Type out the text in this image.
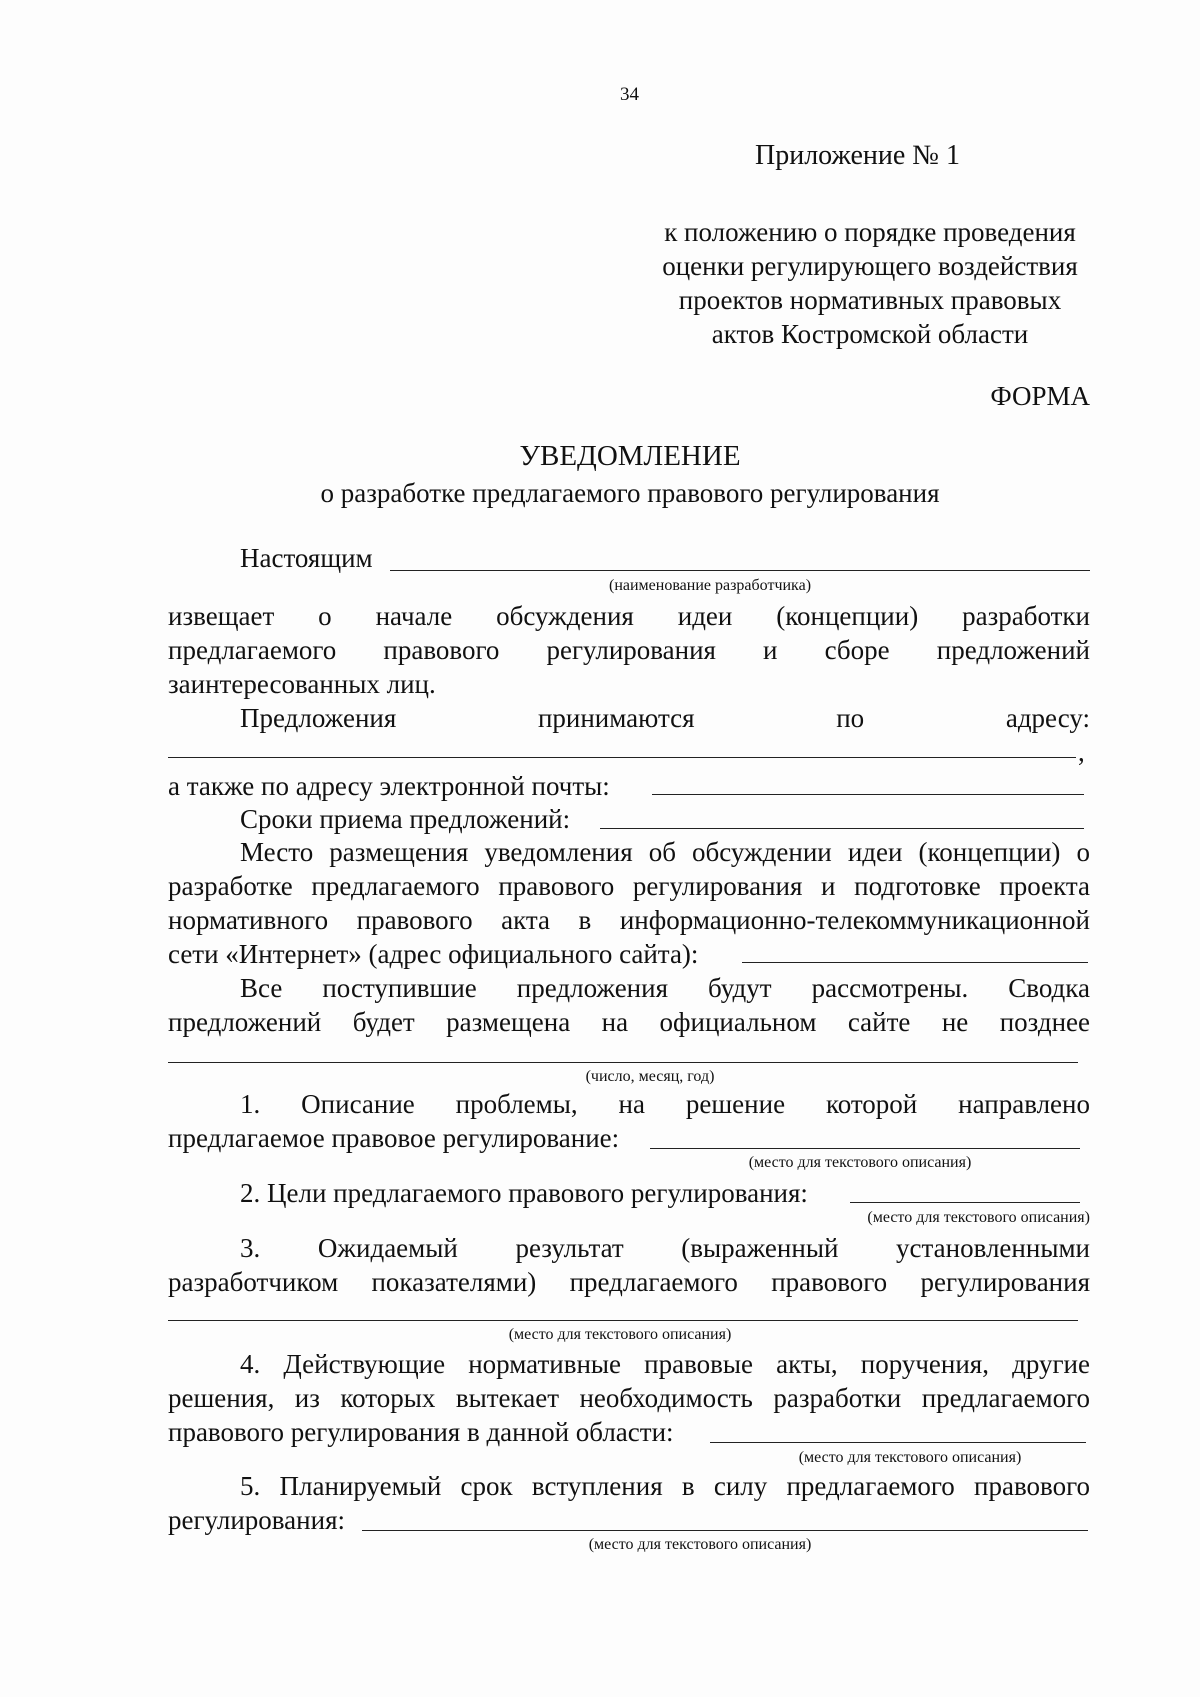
34
Приложение № 1
к положению о порядке проведения
оценки регулирующего воздействия
проектов нормативных правовых
актов Костромской области
ФОРМА
УВЕДОМЛЕНИЕ
о разработке предлагаемого правового регулирования
Настоящим
(наименование разработчика)
извещает о начале обсуждения идеи (концепции) разработки
предлагаемого правового регулирования и сборе предложений
заинтересованных лиц.
Предложения принимаются по адресу:
,
а также по адресу электронной почты:
Сроки приема предложений:
Место размещения уведомления об обсуждении идеи (концепции) о
разработке предлагаемого правового регулирования и подготовке проекта
нормативного правового акта в информационно-телекоммуникационной
сети «Интернет» (адрес официального сайта):
Все поступившие предложения будут рассмотрены. Сводка
предложений будет размещена на официальном сайте не позднее
(число, месяц, год)
1. Описание проблемы, на решение которой направлено
предлагаемое правовое регулирование:
(место для текстового описания)
2. Цели предлагаемого правового регулирования:
(место для текстового описания)
3. Ожидаемый результат (выраженный установленными
разработчиком показателями) предлагаемого правового регулирования
(место для текстового описания)
4. Действующие нормативные правовые акты, поручения, другие
решения, из которых вытекает необходимость разработки предлагаемого
правового регулирования в данной области:
(место для текстового описания)
5. Планируемый срок вступления в силу предлагаемого правового
регулирования:
(место для текстового описания)
